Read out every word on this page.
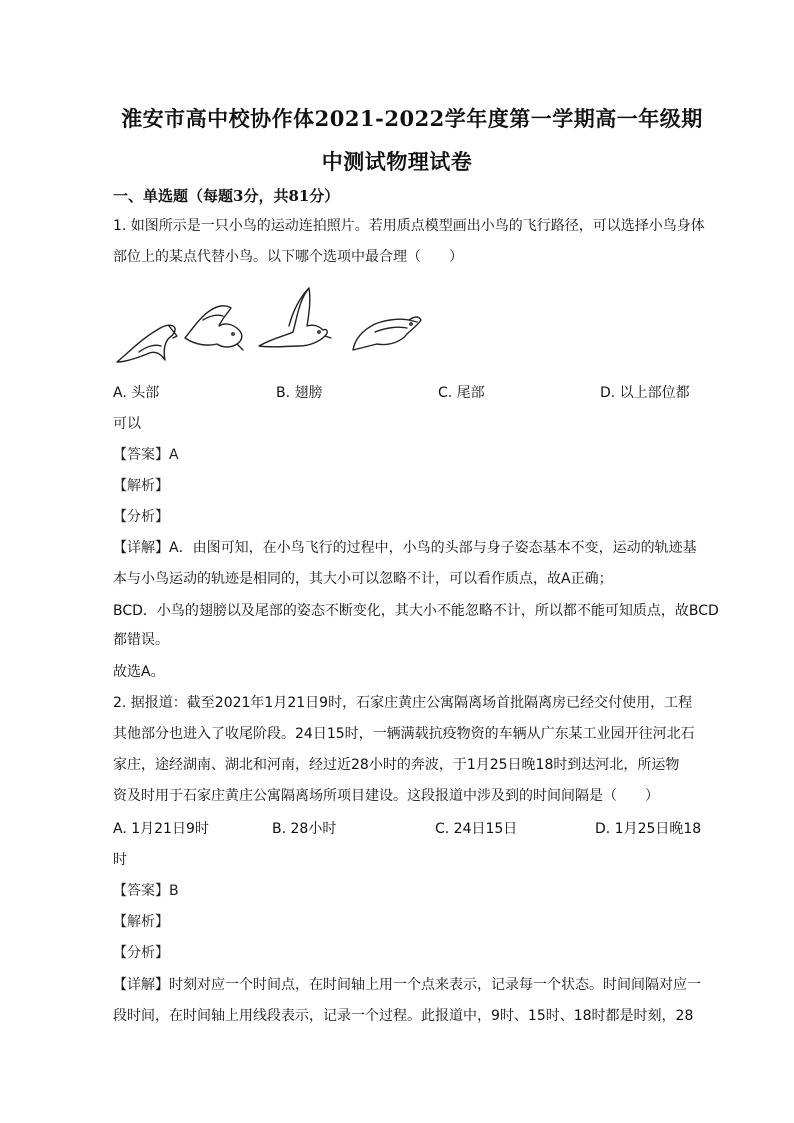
淮安市高中校协作体2021-2022学年度第一学期高一年级期
中测试物理试卷
一、单选题（每题3分，共81分）
1. 如图所示是一只小鸟的运动连拍照片。若用质点模型画出小鸟的飞行路径，可以选择小鸟身体
部位上的某点代替小鸟。以下哪个选项中最合理（　　）
A. 头部	B. 翅膀	C. 尾部	D. 以上部位都
可以
【答案】A
【解析】
【分析】
【详解】A．由图可知，在小鸟飞行的过程中，小鸟的头部与身子姿态基本不变，运动的轨迹基
本与小鸟运动的轨迹是相同的，其大小可以忽略不计，可以看作质点，故A正确；
BCD．小鸟的翅膀以及尾部的姿态不断变化，其大小不能忽略不计，所以都不能可知质点，故BCD
都错误。
故选A。
2. 据报道：截至2021年1月21日9时，石家庄黄庄公寓隔离场首批隔离房已经交付使用，工程
其他部分也进入了收尾阶段。24日15时，一辆满载抗疫物资的车辆从广东某工业园开往河北石
家庄，途经湖南、湖北和河南，经过近28小时的奔波，于1月25日晚18时到达河北，所运物
资及时用于石家庄黄庄公寓隔离场所项目建设。这段报道中涉及到的时间间隔是（　　）
A. 1月21日9时	B. 28小时	C. 24日15日	D. 1月25日晚18
时
【答案】B
【解析】
【分析】
【详解】时刻对应一个时间点，在时间轴上用一个点来表示，记录每一个状态。时间间隔对应一
段时间，在时间轴上用线段表示，记录一个过程。此报道中，9时、15时、18时都是时刻，28
